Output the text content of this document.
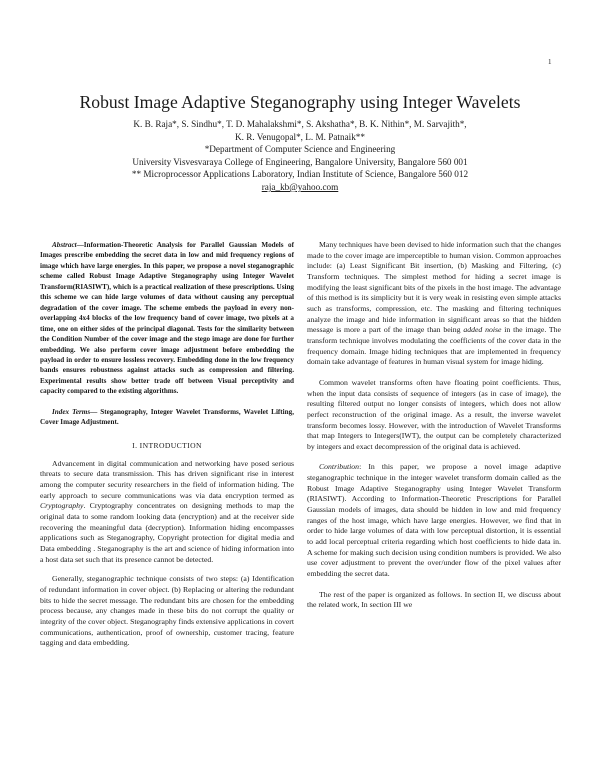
1
Robust Image Adaptive Steganography using Integer Wavelets
K. B. Raja*, S. Sindhu*, T. D. Mahalakshmi*, S. Akshatha*, B. K. Nithin*, M. Sarvajith*,
K. R. Venugopal*, L. M. Patnaik**
*Department of Computer Science and Engineering
University Visvesvaraya College of Engineering, Bangalore University, Bangalore 560 001
** Microprocessor Applications Laboratory, Indian Institute of Science, Bangalore 560 012
raja_kb@yahoo.com

Abstract—Information-Theoretic Analysis for Parallel Gaussian Models of Images prescribe embedding the secret data in low and mid frequency regions of image which have large energies. In this paper, we propose a novel steganographic scheme called Robust Image Adaptive Steganography using Integer Wavelet Transform(RIASIWT), which is a practical realization of these prescriptions. Using this scheme we can hide large volumes of data without causing any perceptual degradation of the cover image. The scheme embeds the payload in every non-overlapping 4x4 blocks of the low frequency band of cover image, two pixels at a time, one on either sides of the principal diagonal. Tests for the similarity between the Condition Number of the cover image and the stego image are done for further embedding. We also perform cover image adjustment before embedding the payload in order to ensure lossless recovery. Embedding done in the low frequency bands ensures robustness against attacks such as compression and filtering. Experimental results show better trade off between Visual perceptivity and capacity compared to the existing algorithms.

Index Terms— Steganography, Integer Wavelet Transforms, Wavelet Lifting, Cover Image Adjustment.

I. INTRODUCTION

Advancement in digital communication and networking have posed serious threats to secure data transmission. This has driven significant rise in interest among the computer security researchers in the field of information hiding. The early approach to secure communications was via data encryption termed as Cryptography. Cryptography concentrates on designing methods to map the original data to some random looking data (encryption) and at the receiver side recovering the meaningful data (decryption). Information hiding encompasses applications such as Steganography, Copyright protection for digital media and Data embedding . Steganography is the art and science of hiding information into a host data set such that its presence cannot be detected.

Generally, steganographic technique consists of two steps: (a) Identification of redundant information in cover object. (b) Replacing or altering the redundant bits to hide the secret message. The redundant bits are chosen for the embedding process because, any changes made in these bits do not corrupt the quality or integrity of the cover object. Steganography finds extensive applications in covert communications, authentication, proof of ownership, customer tracing, feature tagging and data embedding.

Many techniques have been devised to hide information such that the changes made to the cover image are imperceptible to human vision. Common approaches include: (a) Least Significant Bit insertion, (b) Masking and Filtering, (c) Transform techniques. The simplest method for hiding a secret image is modifying the least significant bits of the pixels in the host image. The advantage of this method is its simplicity but it is very weak in resisting even simple attacks such as transforms, compression, etc. The masking and filtering techniques analyze the image and hide information in significant areas so that the hidden message is more a part of the image than being added noise in the image. The transform technique involves modulating the coefficients of the cover data in the frequency domain. Image hiding techniques that are implemented in frequency domain take advantage of features in human visual system for image hiding.

Common wavelet transforms often have floating point coefficients. Thus, when the input data consists of sequence of integers (as in case of image), the resulting filtered output no longer consists of integers, which does not allow perfect reconstruction of the original image. As a result, the inverse wavelet transform becomes lossy. However, with the introduction of Wavelet Transforms that map Integers to Integers(IWT), the output can be completely characterized by integers and exact decompression of the original data is achieved.

Contribution: In this paper, we propose a novel image adaptive steganographic technique in the integer wavelet transform domain called as the Robust Image Adaptive Steganography using Integer Wavelet Transform (RIASIWT). According to Information-Theoretic Prescriptions for Parallel Gaussian models of images, data should be hidden in low and mid frequency ranges of the host image, which have large energies. However, we find that in order to hide large volumes of data with low perceptual distortion, it is essential to add local perceptual criteria regarding which host coefficients to hide data in. A scheme for making such decision using condition numbers is provided. We also use cover adjustment to prevent the over/under flow of the pixel values after embedding the secret data.

The rest of the paper is organized as follows. In section II, we discuss about the related work, In section III we
